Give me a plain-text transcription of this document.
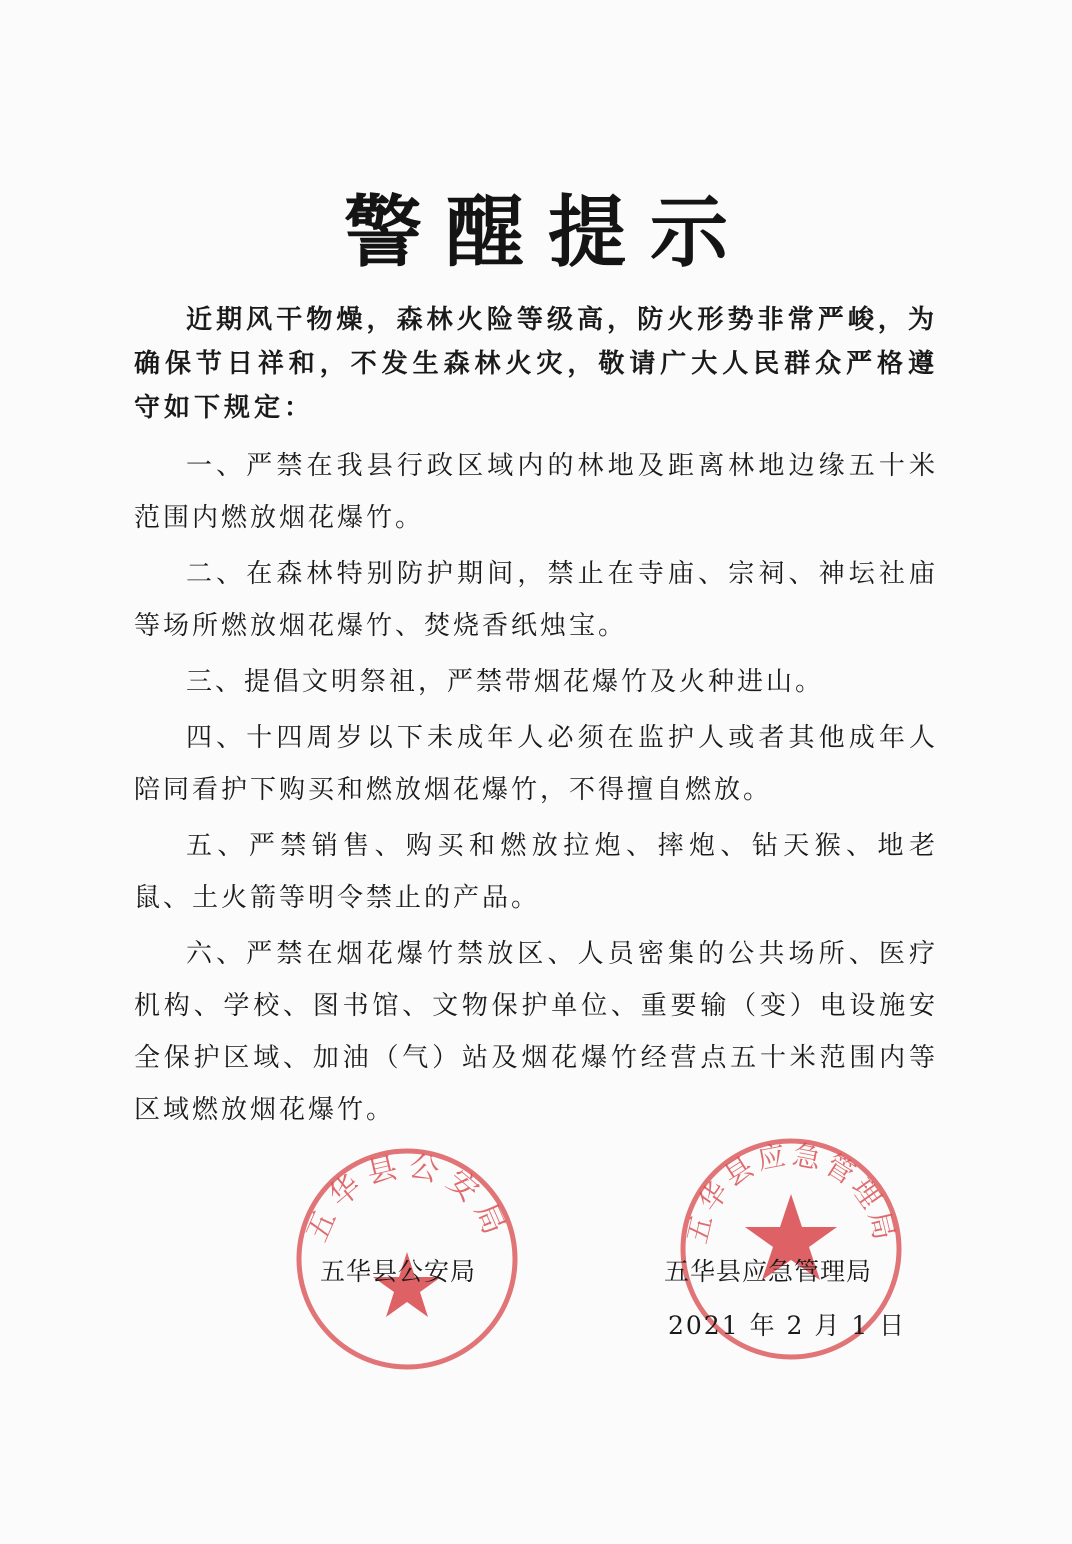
警醒提示

近期风干物燥，森林火险等级高，防火形势非常严峻，为确保节日祥和，不发生森林火灾，敬请广大人民群众严格遵守如下规定：

一、严禁在我县行政区域内的林地及距离林地边缘五十米范围内燃放烟花爆竹。

二、在森林特别防护期间，禁止在寺庙、宗祠、神坛社庙等场所燃放烟花爆竹、焚烧香纸烛宝。

三、提倡文明祭祖，严禁带烟花爆竹及火种进山。

四、十四周岁以下未成年人必须在监护人或者其他成年人陪同看护下购买和燃放烟花爆竹，不得擅自燃放。

五、严禁销售、购买和燃放拉炮、摔炮、钻天猴、地老鼠、土火箭等明令禁止的产品。

六、严禁在烟花爆竹禁放区、人员密集的公共场所、医疗机构、学校、图书馆、文物保护单位、重要输（变）电设施安全保护区域、加油（气）站及烟花爆竹经营点五十米范围内等区域燃放烟花爆竹。

五华县公安局	五华县应急管理局
五华县公安局	五华县应急管理局
2021 年 2 月 1 日
